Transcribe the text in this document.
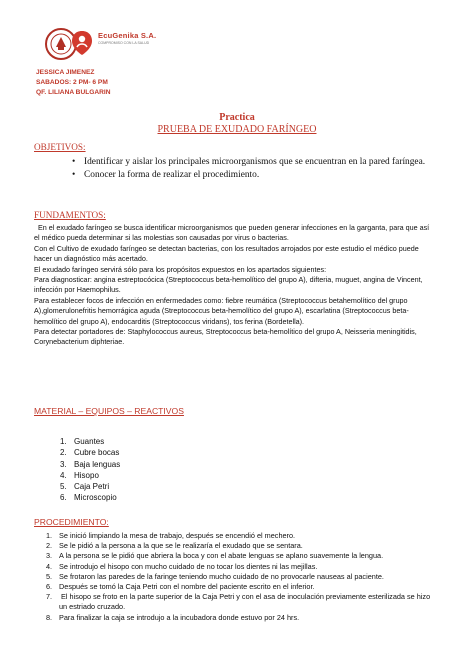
EcuGenika S.A.
COMPROMISO CON LA SALUD
JESSICA JIMENEZ
SABADOS: 2 PM- 6 PM
QF. LILIANA BULGARIN
Practica
PRUEBA DE EXUDADO FARÍNGEO
OBJETIVOS:
• Identificar y aislar los principales microorganismos que se encuentran en la pared faríngea.
• Conocer la forma de realizar el procedimiento.
FUNDAMENTOS:

En el exudado faríngeo se busca identificar microorganismos que pueden generar infecciones en la garganta, para que así el médico pueda determinar si las molestias son causadas por virus o bacterias.

Con el Cultivo de exudado faríngeo se detectan bacterias, con los resultados arrojados por este estudio el médico puede hacer un diagnóstico más acertado.

El exudado faríngeo servirá sólo para los propósitos expuestos en los apartados siguientes:

Para diagnosticar: angina estreptocócica (Streptococcus beta-hemolítico del grupo A), difteria, muguet, angina de Vincent, infección por Haemophilus.

Para establecer focos de infección en enfermedades como: fiebre reumática (Streptococcus betahemolítico del grupo A),glomerulonefritis hemorrágica aguda (Streptococcus beta-hemolítico del grupo A), escarlatina (Streptococcus beta-hemolítico del grupo A), endocarditis (Streptococcus viridans), tos ferina (Bordetella).

Para detectar portadores de: Staphylococcus aureus, Streptococcus beta-hemolítico del grupo A, Neisseria meningitidis, Corynebacterium diphteriae.

MATERIAL – EQUIPOS – REACTIVOS
1. Guantes
2. Cubre bocas
3. Baja lenguas
4. Hisopo
5. Caja Petri
6. Microscopio
PROCEDIMIENTO:
1. Se inició limpiando la mesa de trabajo, después se encendió el mechero.
2. Se le pidió a la persona a la que se le realizaría el exudado que se sentara.
3. A la persona se le pidió que abriera la boca y con el abate lenguas se aplano suavemente la lengua.
4. Se introdujo el hisopo con mucho cuidado de no tocar los dientes ni las mejillas.
5. Se frotaron las paredes de la faringe teniendo mucho cuidado de no provocarle nauseas al paciente.
6. Después se tomó la Caja Petri con el nombre del paciente escrito en el inferior.
7. El hisopo se froto en la parte superior de la Caja Petri y con el asa de inoculación previamente esterilizada se hizo un estriado cruzado.
8. Para finalizar la caja se introdujo a la incubadora donde estuvo por 24 hrs.
